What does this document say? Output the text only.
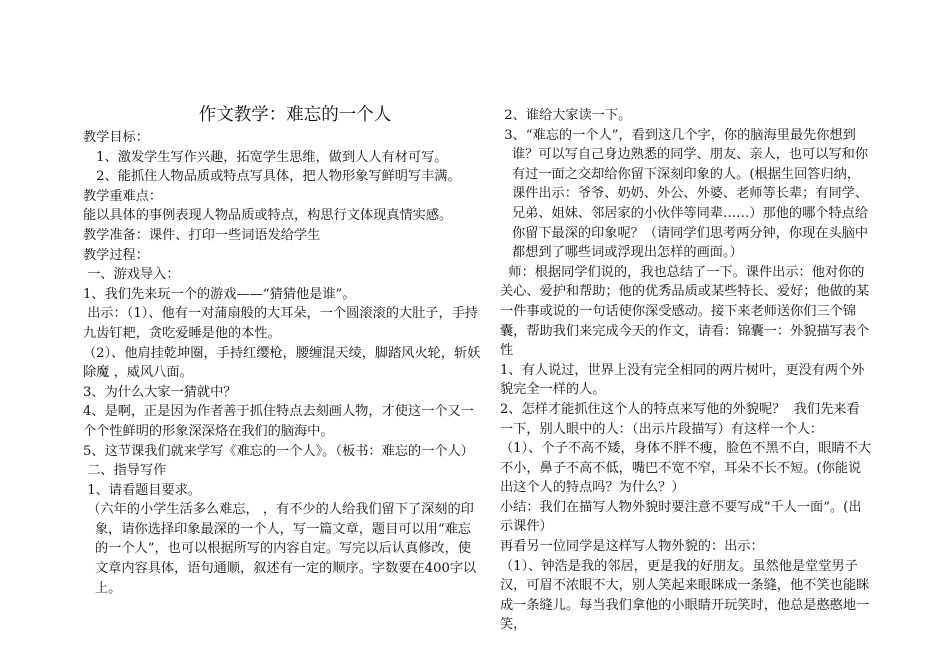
作文教学：难忘的一个人
教学目标：
　1、激发学生写作兴趣，拓宽学生思维，做到人人有材可写。
　2、能抓住人物品质或特点写具体，把人物形象写鲜明写丰满。
教学重难点：
能以具体的事例表现人物品质或特点，构思行文体现真情实感。
教学准备：课件、打印一些词语发给学生
教学过程：
一、游戏导入：
1、我们先来玩一个的游戏——“猜猜他是谁”。
出示：（1）、他有一对蒲扇般的大耳朵，一个圆滚滚的大肚子，手持九齿钉耙，贪吃爱睡是他的本性。
（2）、他肩挂乾坤圈，手持红缨枪，腰缠混天绫，脚踏风火轮，斩妖除魔 ，威风八面。
3、为什么大家一猜就中？
4、是啊，正是因为作者善于抓住特点去刻画人物，才使这一个又一个个性鲜明的形象深深烙在我们的脑海中。
5、这节课我们就来学写《难忘的一个人》。（板书：难忘的一个人）
二、指导写作
1、请看题目要求。
（六年的小学生活多么难忘， ，有不少的人给我们留下了深刻的印象，请你选择印象最深的一个人，写一篇文章，题目可以用“难忘的一个人”，也可以根据所写的内容自定。写完以后认真修改，使文章内容具体，语句通顺，叙述有一定的顺序。字数要在400字以上。
2、谁给大家读一下。
3、“难忘的一个人”，看到这几个字，你的脑海里最先你想到谁？可以写自己身边熟悉的同学、朋友、亲人，也可以写和你有过一面之交却给你留下深刻印象的人。(根据生回答归纳，课件出示：爷爷、奶奶、外公、外婆、老师等长辈；有同学、兄弟、姐妹、邻居家的小伙伴等同辈……）那他的哪个特点给你留下最深的印象呢？（请同学们思考两分钟，你现在头脑中都想到了哪些词或浮现出怎样的画面。）
师：根据同学们说的，我也总结了一下。课件出示：他对你的关心、爱护和帮助；他的优秀品质或某些特长、爱好；他做的某一件事或说的一句话使你深受感动。接下来老师送你们三个锦囊，帮助我们来完成今天的作文，请看：锦囊一：外貌描写表个性
1、有人说过，世界上没有完全相同的两片树叶，更没有两个外貌完全一样的人。
2、怎样才能抓住这个人的特点来写他的外貌呢？  我们先来看一下，别人眼中的人：（出示片段描写）有这样一个人：
（1）、个子不高不矮，身体不胖不瘦，脸色不黑不白，眼睛不大不小，鼻子不高不低，嘴巴不宽不窄，耳朵不长不短。(你能说出这个人的特点吗？为什么？）
小结：我们在描写人物外貌时要注意不要写成“千人一面”。(出示课件）
再看另一位同学是这样写人物外貌的：出示：
（1）、钟浩是我的邻居，更是我的好朋友。虽然他是堂堂男子汉，可眉不浓眼不大，别人笑起来眼眯成一条缝，他不笑也能眯成一条缝儿。每当我们拿他的小眼睛开玩笑时，他总是憨憨地一笑，
